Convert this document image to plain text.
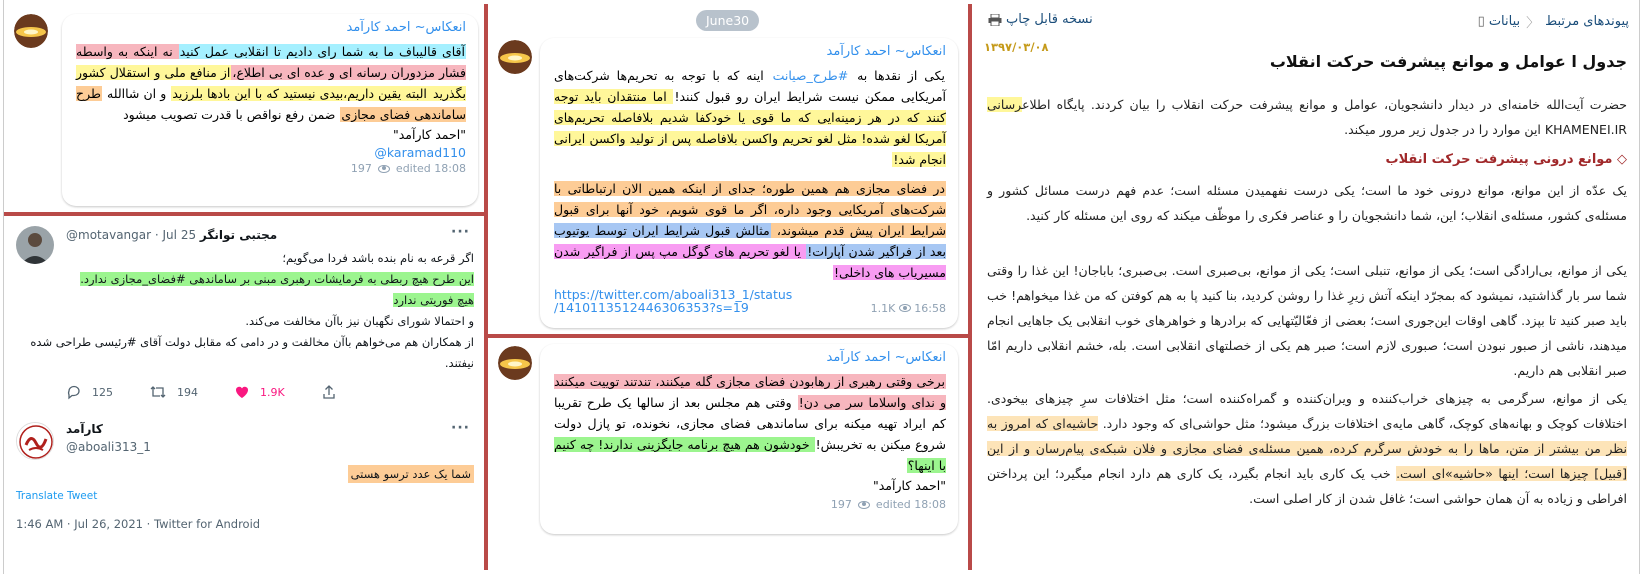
انعکاس~ احمد کارآمد
آقای قالیباف ما به شما رای دادیم تا انقلابی عمل کنید نه اینکه به واسطه فشار مزدوران رسانه ای و عده ای بی اطلاع،از منافع ملی و استقلال کشور بگذرید البته یقین داریم،بیدی نیستید که با این بادها بلرزید و ان شاالله طرح ساماندهی فضای مجازی ضمن رفع نواقص با قدرت تصویب میشود
"احمد کارآمد"
karamad110@
197 edited 18:08
@motavangar · Jul 25 مجتبی توانگر	···
اگر قرعه به نام بنده باشد فردا می‌گویم؛
این طرح هیچ ربطی به فرمایشات رهبری مبنی بر ساماندهی #فضای_مجازی ندارد.
هیچ فوریتی ندارد
و احتمالا شورای نگهبان نیز باآن مخالفت می‌کند.
از همکاران هم می‌خواهم باآن مخالفت و در دامی که مقابل دولت آقای #رئیسی طراحی شده نیفتند.
125	194	1.9K
کارآمد
@aboali313_1
···
شما یک عدد ترسو هستی
Translate Tweet
1:46 AM · Jul 26, 2021 · Twitter for Android
June30
انعکاس~ احمد کارآمد
یکی از نقدها به #طرح_صیانت اینه که با توجه به تحریم‌ها شرکت‌های آمریکایی ممکن نیست شرایط ایران رو قبول کنند! اما منتقدان باید توجه کنند که در هر زمینه‌ایی که ما قوی یا خودکفا شدیم بلافاصله تحریم‌های آمریکا لغو شده! مثل لغو تحریم واکسن بلافاصله پس از تولید واکسن ایرانی انجام شد!
در فضای مجازی هم همین طوره؛ جدای از اینکه همین الان ارتباطاتی با شرکت‌های آمریکایی وجود داره، اگر ما قوی شویم، خود آنها برای قبول شرایط ایران پیش قدم میشوند، مثالش قبول شرایط ایران توسط یوتیوب بعد از فراگیر شدن آپارات! یا لغو تحریم های گوگل مپ پس از فراگیر شدن مسیریاب های داخلی!
https://twitter.com/aboali313_1/status
/1410113512446306353?s=19	1.1K 16:58
انعکاس~ احمد کارآمد
برخی وقتی رهبری از رهابودن فضای مجازی گله میکنند، تندتند توییت میکنند و ندای واسلاما سر می دن! وقتی هم مجلس بعد از سالها یک طرح تقریبا کم ایراد تهیه میکنه برای ساماندهی فضای مجازی، نخونده، تو پازل دولت شروع میکنن به تخریبش! خودشون هم هیچ برنامه جایگزینی ندارند! چه کنیم با اینها؟
"احمد کارآمد"
197 edited 18:08
پیوندهای مرتبط
〈
بیانات
▯
نسخه قابل چاپ
۱۳۹۷/۰۳/۰۸
جدول ا عوامل و موانع پیشرفت حرکت انقلاب
حضرت آیت‌الله خامنه‌ای در دیدار دانشجویان، عوامل و موانع پیشرفت حرکت انقلاب را بیان کردند. پایگاه اطلاعرسانی KHAMENEI.IR این موارد را در جدول زیر مرور میکند.
◇ موانع درونی پیشرفت حرکت انقلاب
یک عدّه از این موانع، موانع درونی خود ما است؛ یکی درست نفهمیدن مسئله است؛ عدم فهم درست مسائل کشور و مسئله‌ی کشور، مسئله‌ی انقلاب؛ این، شما دانشجویان را و عناصر فکری را موظّف میکند که روی این مسئله کار کنید.
یکی از موانع، بی‌ارادگی است؛ یکی از موانع، تنبلی است؛ یکی از موانع، بی‌صبری است. بی‌صبری؛ باباجان! این غذا را وقتی شما سر بار گذاشتید، نمیشود که بمجرّد اینکه آتش زیرِ غذا را روشن کردید، بنا کنید پا به هم کوفتن که من غذا میخواهم! خب باید صبر کنید تا بپزد. گاهی اوقات این‌جوری است؛ بعضی از فعّالیّتهایی که برادرها و خواهرهای خوب انقلابی یک جاهایی انجام میدهند، ناشی از صبور نبودن است؛ صبوری لازم است؛ صبر هم یکی از خصلتهای انقلابی است. بله، خشم انقلابی داریم امّا صبر انقلابی هم داریم.
یکی از موانع، سرگرمی به چیزهای خراب‌کننده و ویران‌کننده و گمراه‌کننده است؛ مثل اختلافات سرِ چیزهای بیخودی. اختلافات کوچک و بهانه‌های کوچک، گاهی مایه‌ی اختلافات بزرگ میشود؛ مثل حواشی‌ای که وجود دارد. حاشیه‌ای که امروز به نظر من بیشتر از متن، ماها را به خودش سرگرم کرده، همین مسئله‌ی فضای مجازی و فلان شبکه‌ی پیام‌رسان و از این [قبیل] چیزها است؛ اینها «حاشیه»‌ای است. خب یک کاری باید انجام بگیرد، یک کاری هم دارد انجام میگیرد؛ این پرداختن افراطی و زیاده به آن همان حواشی است؛ غافل شدن از کار اصلی است.
